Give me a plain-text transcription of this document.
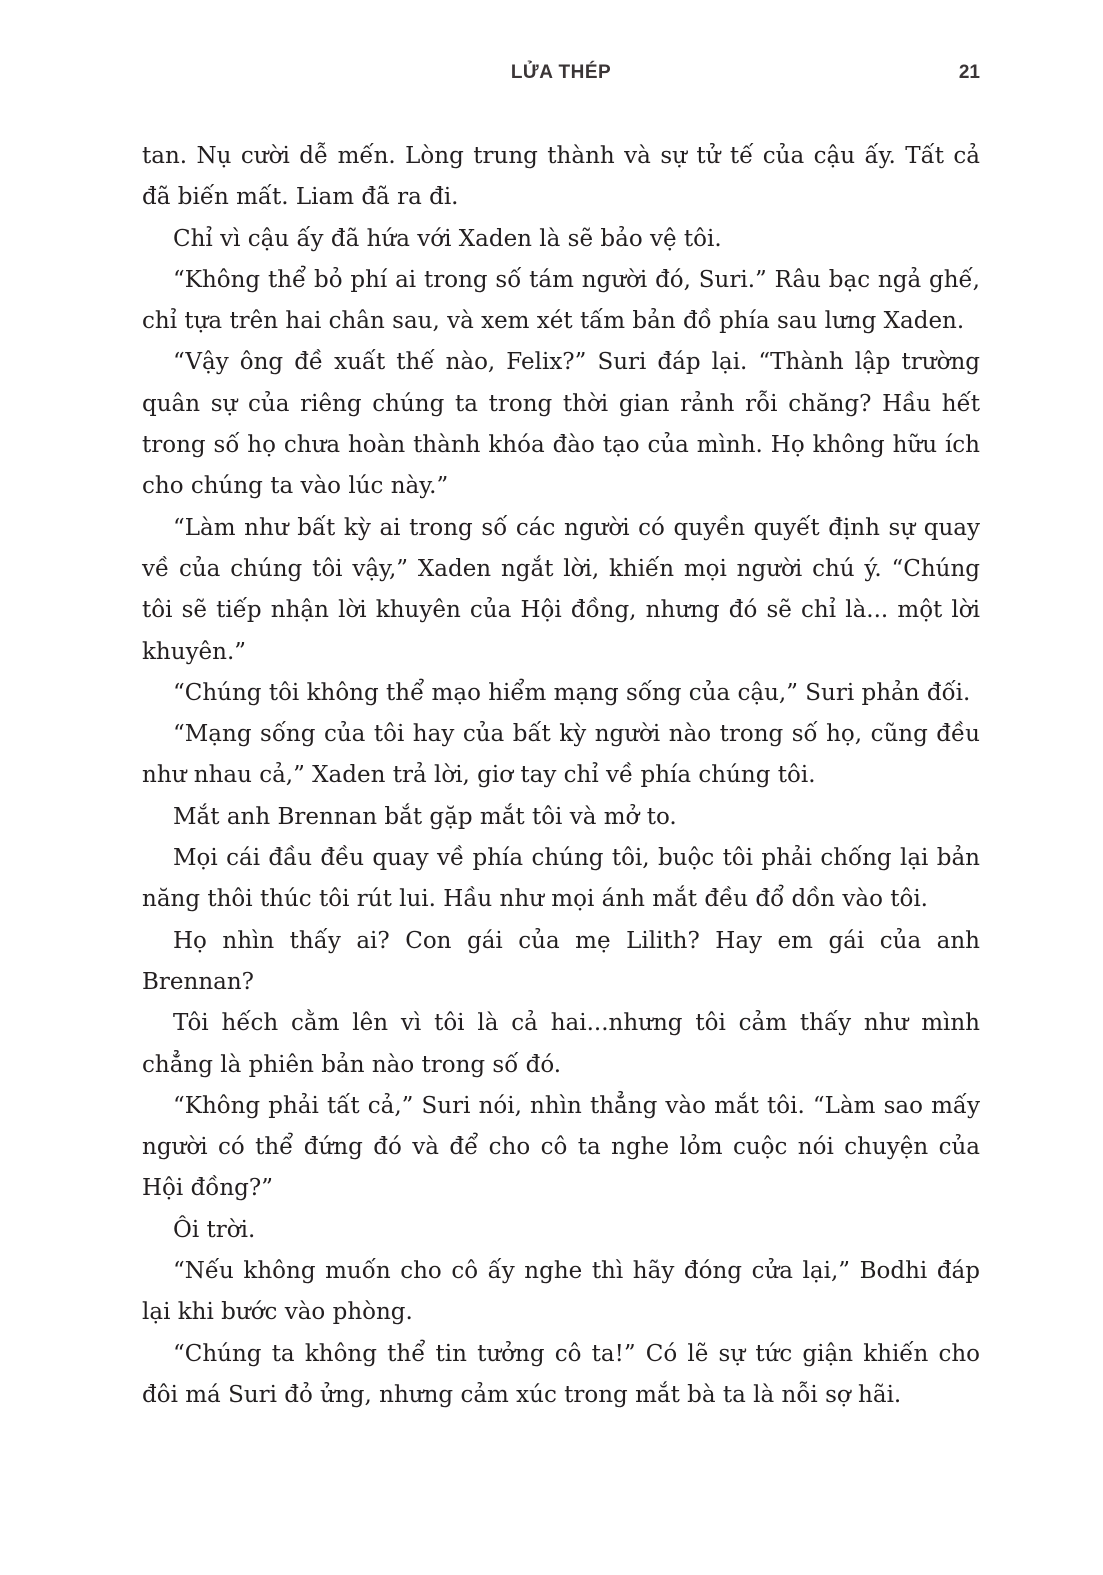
LỬA THÉP	21

tan. Nụ cười dễ mến. Lòng trung thành và sự tử tế của cậu ấy. Tất cả đã biến mất. Liam đã ra đi.

Chỉ vì cậu ấy đã hứa với Xaden là sẽ bảo vệ tôi.

“Không thể bỏ phí ai trong số tám người đó, Suri.” Râu bạc ngả ghế, chỉ tựa trên hai chân sau, và xem xét tấm bản đồ phía sau lưng Xaden.

“Vậy ông đề xuất thế nào, Felix?” Suri đáp lại. “Thành lập trường quân sự của riêng chúng ta trong thời gian rảnh rỗi chăng? Hầu hết trong số họ chưa hoàn thành khóa đào tạo của mình. Họ không hữu ích cho chúng ta vào lúc này.”

“Làm như bất kỳ ai trong số các người có quyền quyết định sự quay về của chúng tôi vậy,” Xaden ngắt lời, khiến mọi người chú ý. “Chúng tôi sẽ tiếp nhận lời khuyên của Hội đồng, nhưng đó sẽ chỉ là... một lời khuyên.”

“Chúng tôi không thể mạo hiểm mạng sống của cậu,” Suri phản đối.

“Mạng sống của tôi hay của bất kỳ người nào trong số họ, cũng đều như nhau cả,” Xaden trả lời, giơ tay chỉ về phía chúng tôi.

Mắt anh Brennan bắt gặp mắt tôi và mở to.

Mọi cái đầu đều quay về phía chúng tôi, buộc tôi phải chống lại bản năng thôi thúc tôi rút lui. Hầu như mọi ánh mắt đều đổ dồn vào tôi.

Họ nhìn thấy ai? Con gái của mẹ Lilith? Hay em gái của anh Brennan?

Tôi hếch cằm lên vì tôi là cả hai...nhưng tôi cảm thấy như mình chẳng là phiên bản nào trong số đó.

“Không phải tất cả,” Suri nói, nhìn thẳng vào mắt tôi. “Làm sao mấy người có thể đứng đó và để cho cô ta nghe lỏm cuộc nói chuyện của Hội đồng?”

Ôi trời.

“Nếu không muốn cho cô ấy nghe thì hãy đóng cửa lại,” Bodhi đáp lại khi bước vào phòng.

“Chúng ta không thể tin tưởng cô ta!” Có lẽ sự tức giận khiến cho đôi má Suri đỏ ửng, nhưng cảm xúc trong mắt bà ta là nỗi sợ hãi.
